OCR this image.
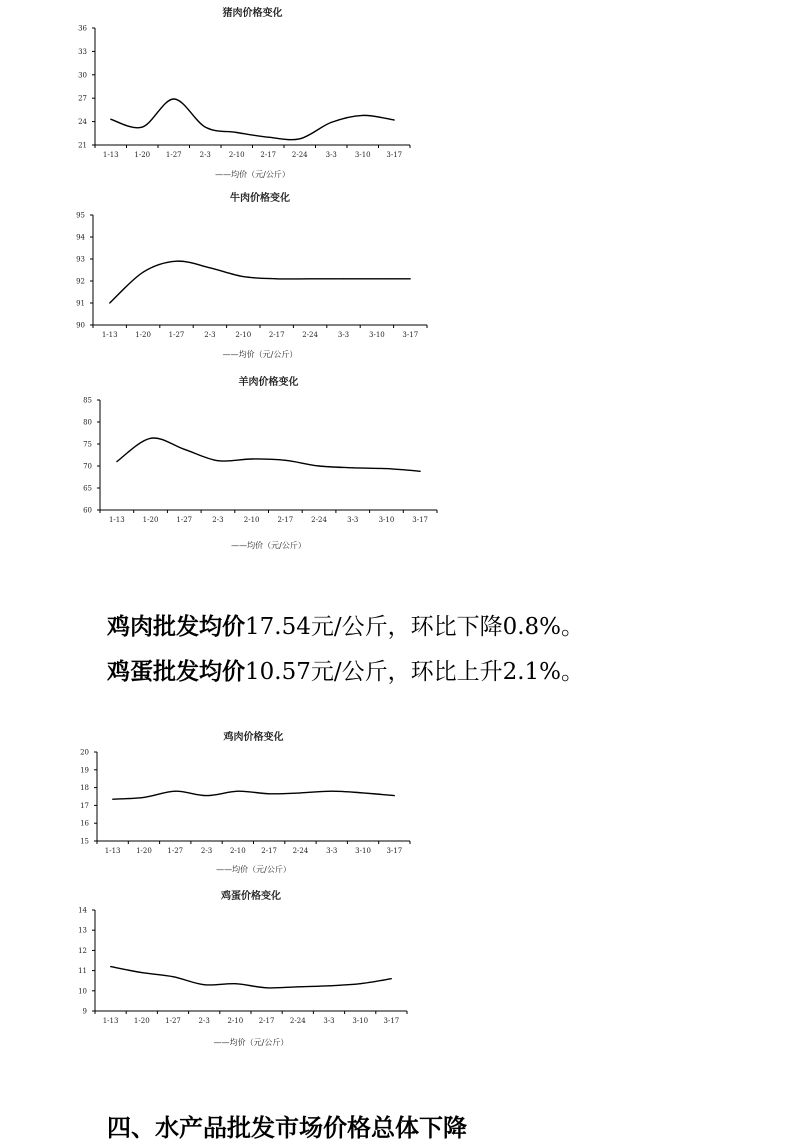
猪肉价格变化
21
24
27
30
33
36
1-13 1-20 1-27	2-3	2-10 2-17 2-24	3-3	3-10 3-17
——均价（元/公斤）
牛肉价格变化
90
91
92
93
94
95
1-13	1-20	1-27	2-3	2-10	2-17	2-24	3-3	3-10	3-17
——均价（元/公斤）
羊肉价格变化
60
65
70
75
80
85
1-13	1-20	1-27	2-3	2-10	2-17	2-24	3-3	3-10	3-17
——均价（元/公斤）
鸡肉批发均价17.54元/公斤，环比下降0.8%。
鸡蛋批发均价10.57元/公斤，环比上升2.1%。
鸡肉价格变化
15
16
17
18
19
20
1-13 1-20 1-27	2-3	2-10 2-17 2-24	3-3	3-10 3-17
——均价（元/公斤）
鸡蛋价格变化
9
10
11
12
13
14
1-13 1-20 1-27	2-3	2-10 2-17 2-24	3-3	3-10 3-17
——均价（元/公斤）
四、水产品批发市场价格总体下降
